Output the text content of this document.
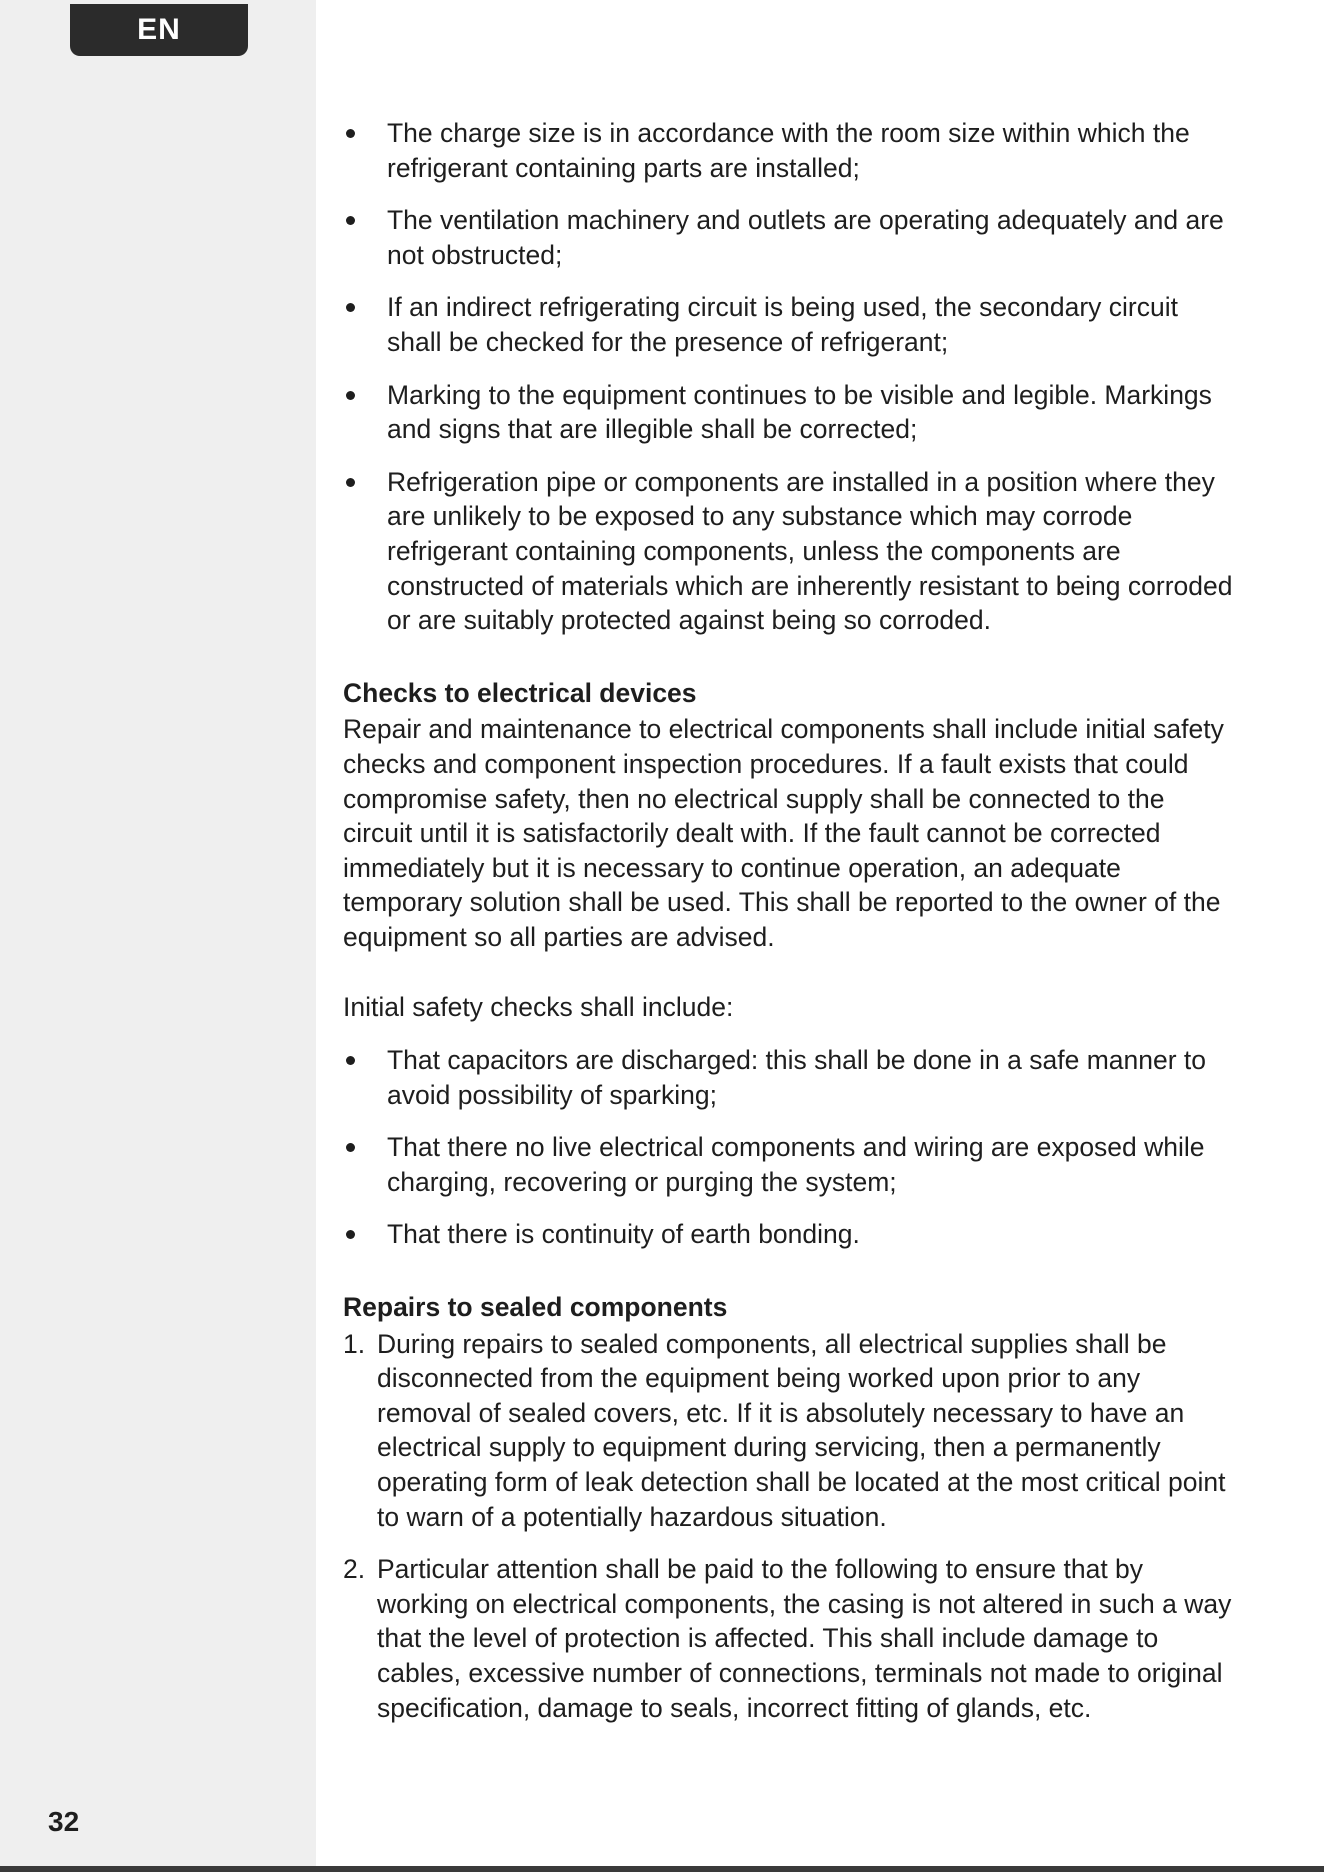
EN
32
The charge size is in accordance with the room size within which the refrigerant containing parts are installed;
The ventilation machinery and outlets are operating adequately and are not obstructed;
If an indirect refrigerating circuit is being used, the secondary circuit shall be checked for the presence of refrigerant;
Marking to the equipment continues to be visible and legible. Markings and signs that are illegible shall be corrected;
Refrigeration pipe or components are installed in a position where they are unlikely to be exposed to any substance which may corrode refrigerant containing components, unless the components are constructed of materials which are inherently resistant to being corroded or are suitably protected against being so corroded.
Checks to electrical devices

Repair and maintenance to electrical components shall include initial safety checks and component inspection procedures. If a fault exists that could compromise safety, then no electrical supply shall be connected to the circuit until it is satisfactorily dealt with. If the fault cannot be corrected immediately but it is necessary to continue operation, an adequate temporary solution shall be used. This shall be reported to the owner of the equipment so all parties are advised.

Initial safety checks shall include:

That capacitors are discharged: this shall be done in a safe manner to avoid possibility of sparking;
That there no live electrical components and wiring are exposed while charging, recovering or purging the system;
That there is continuity of earth bonding.
Repairs to sealed components
1. During repairs to sealed components, all electrical supplies shall be disconnected from the equipment being worked upon prior to any removal of sealed covers, etc. If it is absolutely necessary to have an electrical supply to equipment during servicing, then a permanently operating form of leak detection shall be located at the most critical point to warn of a potentially hazardous situation.
2. Particular attention shall be paid to the following to ensure that by working on electrical components, the casing is not altered in such a way that the level of protection is affected. This shall include damage to cables, excessive number of connections, terminals not made to original specification, damage to seals, incorrect fitting of glands, etc.
